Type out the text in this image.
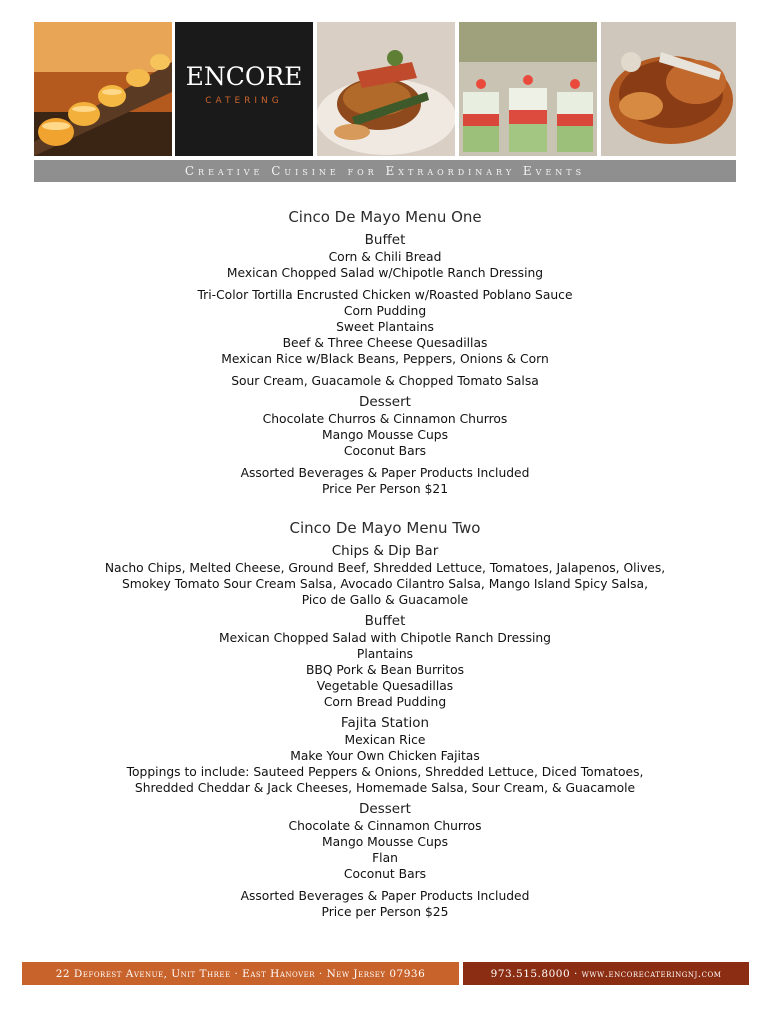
ENCORE
CATERING
Creative Cuisine for Extraordinary Events
Cinco De Mayo Menu One
Buffet
Corn & Chili Bread
Mexican Chopped Salad w/Chipotle Ranch Dressing
Tri-Color Tortilla Encrusted Chicken w/Roasted Poblano Sauce
Corn Pudding
Sweet Plantains
Beef & Three Cheese Quesadillas
Mexican Rice w/Black Beans, Peppers, Onions & Corn
Sour Cream, Guacamole & Chopped Tomato Salsa
Dessert
Chocolate Churros & Cinnamon Churros
Mango Mousse Cups
Coconut Bars
Assorted Beverages & Paper Products Included
Price Per Person $21
Cinco De Mayo Menu Two
Chips & Dip Bar
Nacho Chips, Melted Cheese, Ground Beef, Shredded Lettuce, Tomatoes, Jalapenos, Olives,
Smokey Tomato Sour Cream Salsa, Avocado Cilantro Salsa, Mango Island Spicy Salsa,
Pico de Gallo & Guacamole
Buffet
Mexican Chopped Salad with Chipotle Ranch Dressing
Plantains
BBQ Pork & Bean Burritos
Vegetable Quesadillas
Corn Bread Pudding
Fajita Station
Mexican Rice
Make Your Own Chicken Fajitas
Toppings to include: Sauteed Peppers & Onions, Shredded Lettuce, Diced Tomatoes,
Shredded Cheddar & Jack Cheeses, Homemade Salsa, Sour Cream, & Guacamole
Dessert
Chocolate & Cinnamon Churros
Mango Mousse Cups
Flan
Coconut Bars
Assorted Beverages & Paper Products Included
Price per Person $25
22 Deforest Avenue, Unit Three · East Hanover · New Jersey 07936	973.515.8000 · www.encorecateringnj.com
